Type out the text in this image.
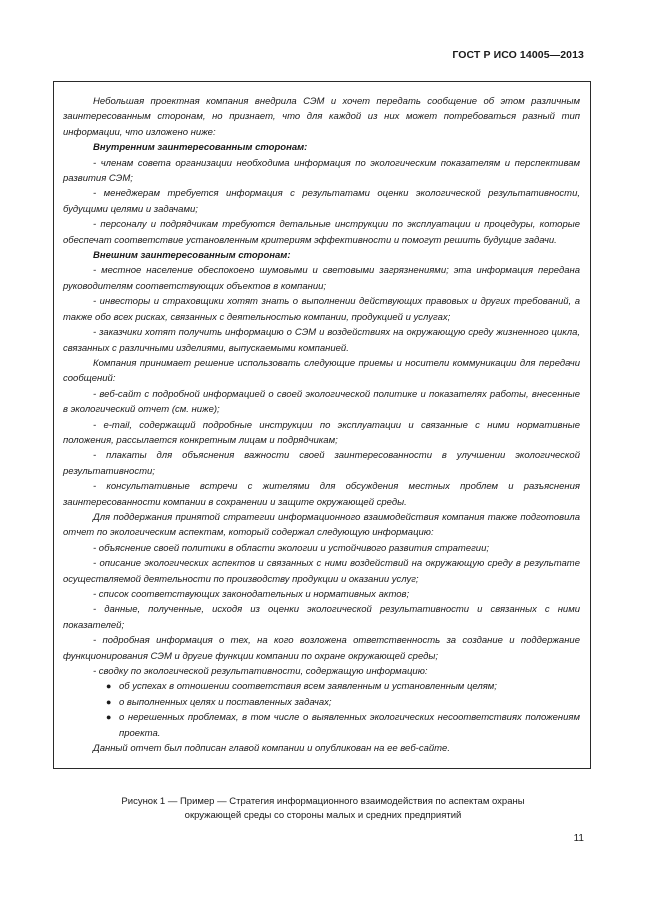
ГОСТ Р ИСО 14005—2013

Небольшая проектная компания внедрила СЭМ и хочет передать сообщение об этом различным заинтересованным сторонам, но признает, что для каждой из них может потребоваться разный тип информации, что изложено ниже:

Внутренним заинтересованным сторонам:

- членам совета организации необходима информация по экологическим показателям и перспективам развития СЭМ;

- менеджерам требуется информация с результатами оценки экологической результативности, будущими целями и задачами;

- персоналу и подрядчикам требуются детальные инструкции по эксплуатации и процедуры, которые обеспечат соответствие установленным критериям эффективности и помогут решить будущие задачи.

Внешним заинтересованным сторонам:

- местное население обеспокоено шумовыми и световыми загрязнениями; эта информация передана руководителям соответствующих объектов в компании;

- инвесторы и страховщики хотят знать о выполнении действующих правовых и других требований, а также обо всех рисках, связанных с деятельностью компании, продукцией и услугах;

- заказчики хотят получить информацию о СЭМ и воздействиях на окружающую среду жизненного цикла, связанных с различными изделиями, выпускаемыми компанией.

Компания принимает решение использовать следующие приемы и носители коммуникации для передачи сообщений:

- веб-сайт с подробной информацией о своей экологической политике и показателях работы, внесенные в экологический отчет (см. ниже);

- e-mail, содержащий подробные инструкции по эксплуатации и связанные с ними нормативные положения, рассылается конкретным лицам и подрядчикам;

- плакаты для объяснения важности своей заинтересованности в улучшении экологической результативности;

- консультативные встречи с жителями для обсуждения местных проблем и разъяснения заинтересованности компании в сохранении и защите окружающей среды.

Для поддержания принятой стратегии информационного взаимодействия компания также подготовила отчет по экологическим аспектам, который содержал следующую информацию:

- объяснение своей политики в области экологии и устойчивого развития стратегии;

- описание экологических аспектов и связанных с ними воздействий на окружающую среду в результате осуществляемой деятельности по производству продукции и оказании услуг;

- список соответствующих законодательных и нормативных актов;

- данные, полученные, исходя из оценки экологической результативности и связанных с ними показателей;

- подробная информация о тех, на кого возложена ответственность за создание и поддержание функционирования СЭМ и другие функции компании по охране окружающей среды;

- сводку по экологической результативности, содержащую информацию:

● об успехах в отношении соответствия всем заявленным и установленным целям;
● о выполненных целях и поставленных задачах;
● о нерешенных проблемах, в том числе о выявленных экологических несоответствиях положениям проекта.

Данный отчет был подписан главой компании и опубликован на ее веб-сайте.

Рисунок 1 — Пример — Стратегия информационного взаимодействия по аспектам охраны
окружающей среды со стороны малых и средних предприятий
11
